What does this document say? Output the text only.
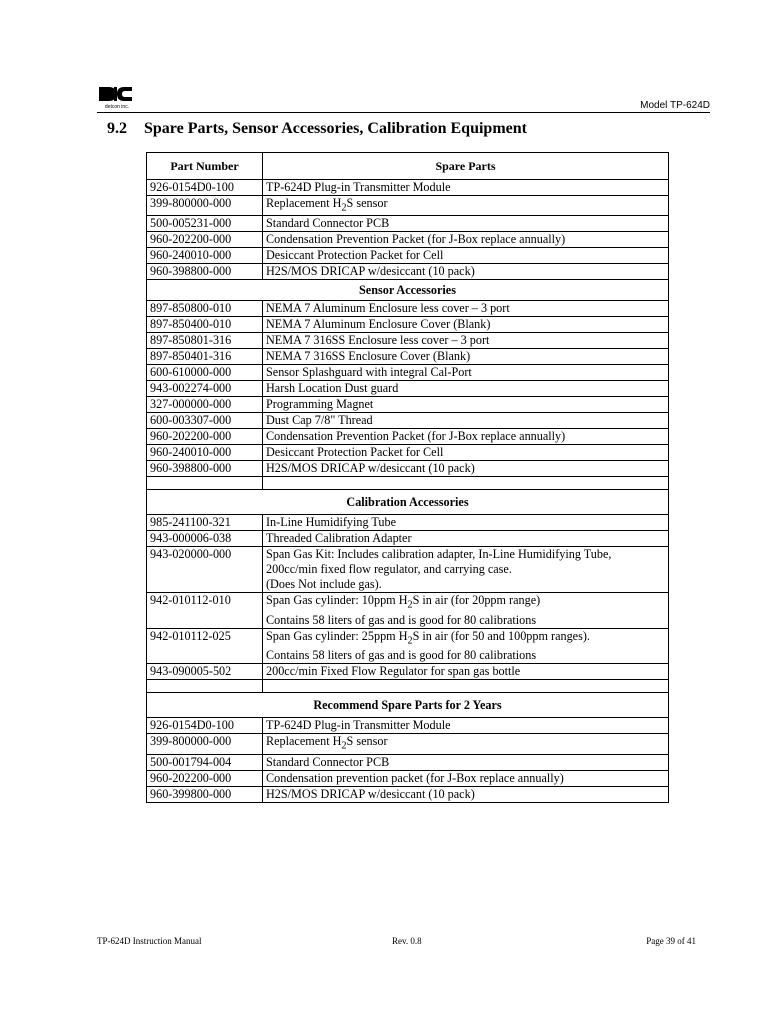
detcon inc.	Model TP-624D
9.2 Spare Parts, Sensor Accessories, Calibration Equipment
Part Number	Spare Parts
926-0154D0-100	TP-624D Plug-in Transmitter Module
399-800000-000	Replacement $H_2S$ sensor
500-005231-000	Standard Connector PCB
960-202200-000	Condensation Prevention Packet (for J-Box replace annually)
960-240010-000	Desiccant Protection Packet for Cell
960-398800-000	H2S/MOS DRICAP w/desiccant (10 pack)
Sensor Accessories	
897-850800-010	NEMA 7 Aluminum Enclosure less cover – 3 port
897-850400-010	NEMA 7 Aluminum Enclosure Cover (Blank)
897-850801-316	NEMA 7 316SS Enclosure less cover – 3 port
897-850401-316	NEMA 7 316SS Enclosure Cover (Blank)
600-610000-000	Sensor Splashguard with integral Cal-Port
943-002274-000	Harsh Location Dust guard
327-000000-000	Programming Magnet
600-003307-000	Dust Cap 7/8" Thread
960-202200-000	Condensation Prevention Packet (for J-Box replace annually)
960-240010-000	Desiccant Protection Packet for Cell
960-398800-000	H2S/MOS DRICAP w/desiccant (10 pack)

Calibration Accessories	
985-241100-321	In-Line Humidifying Tube
943-000006-038	Threaded Calibration Adapter
943-020000-000	Span Gas Kit: Includes calibration adapter, In-Line Humidifying Tube,
200cc/min fixed flow regulator, and carrying case.
(Does Not include gas).

942-010112-010	Span Gas cylinder: 10ppm $H_2S$ in air (for 20ppm range)
Contains 58 liters of gas and is good for 80 calibrations

942-010112-025	Span Gas cylinder: 25ppm $H_2S$ in air (for 50 and 100ppm ranges).
Contains 58 liters of gas and is good for 80 calibrations

943-090005-502	200cc/min Fixed Flow Regulator for span gas bottle

Recommend Spare Parts for 2 Years	
926-0154D0-100	TP-624D Plug-in Transmitter Module
399-800000-000	Replacement $H_2S$ sensor
500-001794-004	Standard Connector PCB
960-202200-000	Condensation prevention packet (for J-Box replace annually)
960-399800-000	H2S/MOS DRICAP w/desiccant (10 pack)
TP-624D Instruction Manual	Rev. 0.8	Page 39 of 41
